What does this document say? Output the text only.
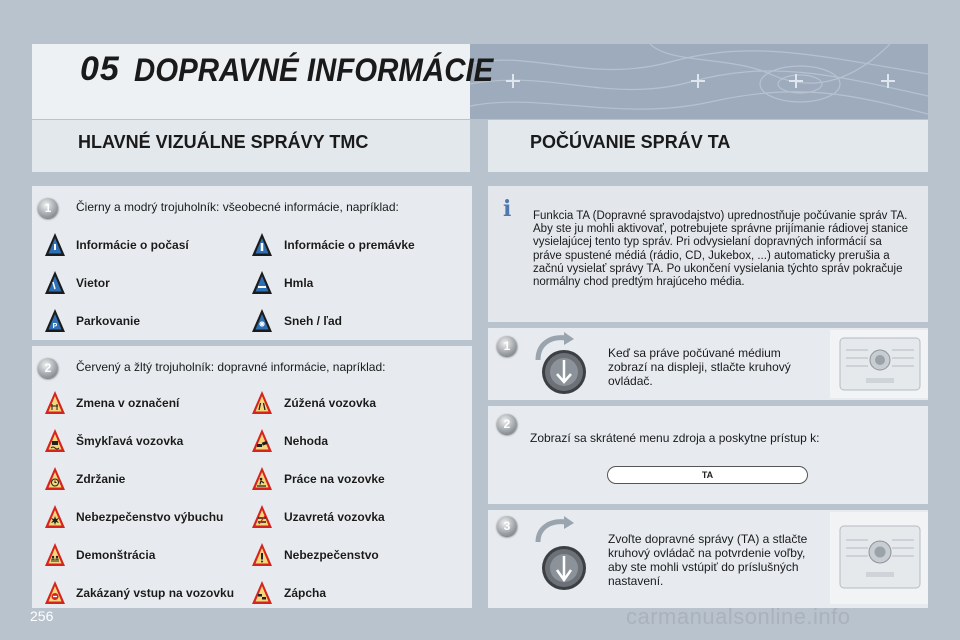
05 DOPRAVNÉ INFORMÁCIE
HLAVNÉ VIZUÁLNE SPRÁVY TMC	POČÚVANIE SPRÁV TA
1	Čierny a modrý trojuholník: všeobecné informácie, napríklad:
Informácie o počasí	Informácie o premávke
Vietor	Hmla
P Parkovanie	Sneh / ľad
2	Červený a žltý trojuholník: dopravné informácie, napríklad:
Zmena v označení	Zúžená vozovka
Šmykľavá vozovka	Nehoda
Zdržanie	Práce na vozovke
Nebezpečenstvo výbuchu	Uzavretá vozovka
Demonštrácia	Nebezpečenstvo
Zakázaný vstup na vozovku	Zápcha
i Funkcia TA (Dopravné spravodajstvo) uprednostňuje počúvanie správ TA. Aby ste ju mohli aktivovať, potrebujete správne prijímanie rádiovej stanice vysielajúcej tento typ správ. Pri odvysielaní dopravných informácií sa práve spustené médiá (rádio, CD, Jukebox, ...) automaticky prerušia a začnú vysielať správy TA. Po ukončení vysielania týchto správ pokračuje normálny chod predtým hrajúceho média.
1	Keď sa práve počúvané médium zobrazí na displeji, stlačte kruhový ovládač.
2
Zobrazí sa skrátené menu zdroja a poskytne prístup k:
TA
3
Zvoľte dopravné správy (TA) a stlačte kruhový ovládač na potvrdenie voľby, aby ste mohli vstúpiť do príslušných nastavení.
256	carmanualsonline.info
